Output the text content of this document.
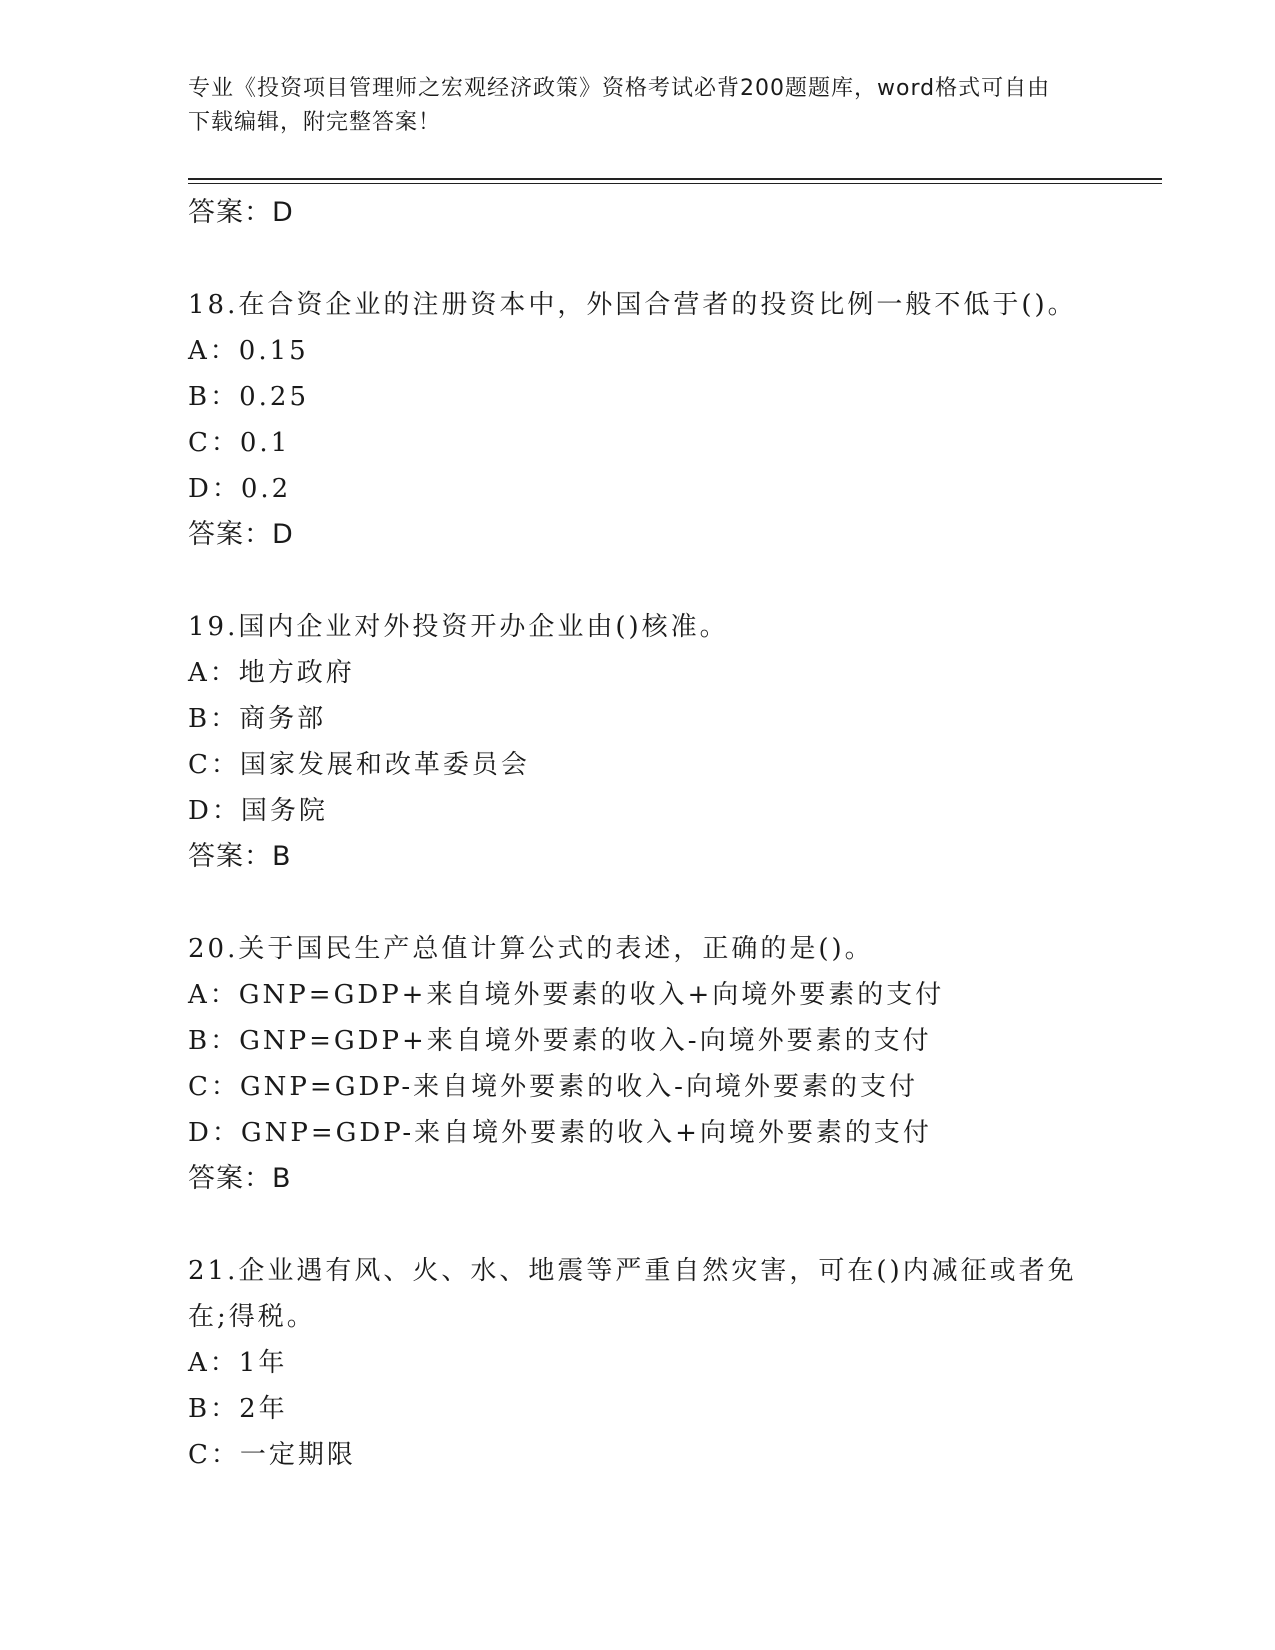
专业《投资项目管理师之宏观经济政策》资格考试必背200题题库，word格式可自由下载编辑，附完整答案！
答案：D
18.在合资企业的注册资本中，外国合营者的投资比例一般不低于()。
A：0.15
B：0.25
C：0.1
D：0.2
答案：D
19.国内企业对外投资开办企业由()核准。
A：地方政府
B：商务部
C：国家发展和改革委员会
D：国务院
答案：B
20.关于国民生产总值计算公式的表述，正确的是()。
A：GNP=GDP+来自境外要素的收入+向境外要素的支付
B：GNP=GDP+来自境外要素的收入-向境外要素的支付
C：GNP=GDP-来自境外要素的收入-向境外要素的支付
D：GNP=GDP-来自境外要素的收入+向境外要素的支付
答案：B
21.企业遇有风、火、水、地震等严重自然灾害，可在()内减征或者免在;得税。
A：1年
B：2年
C：一定期限
